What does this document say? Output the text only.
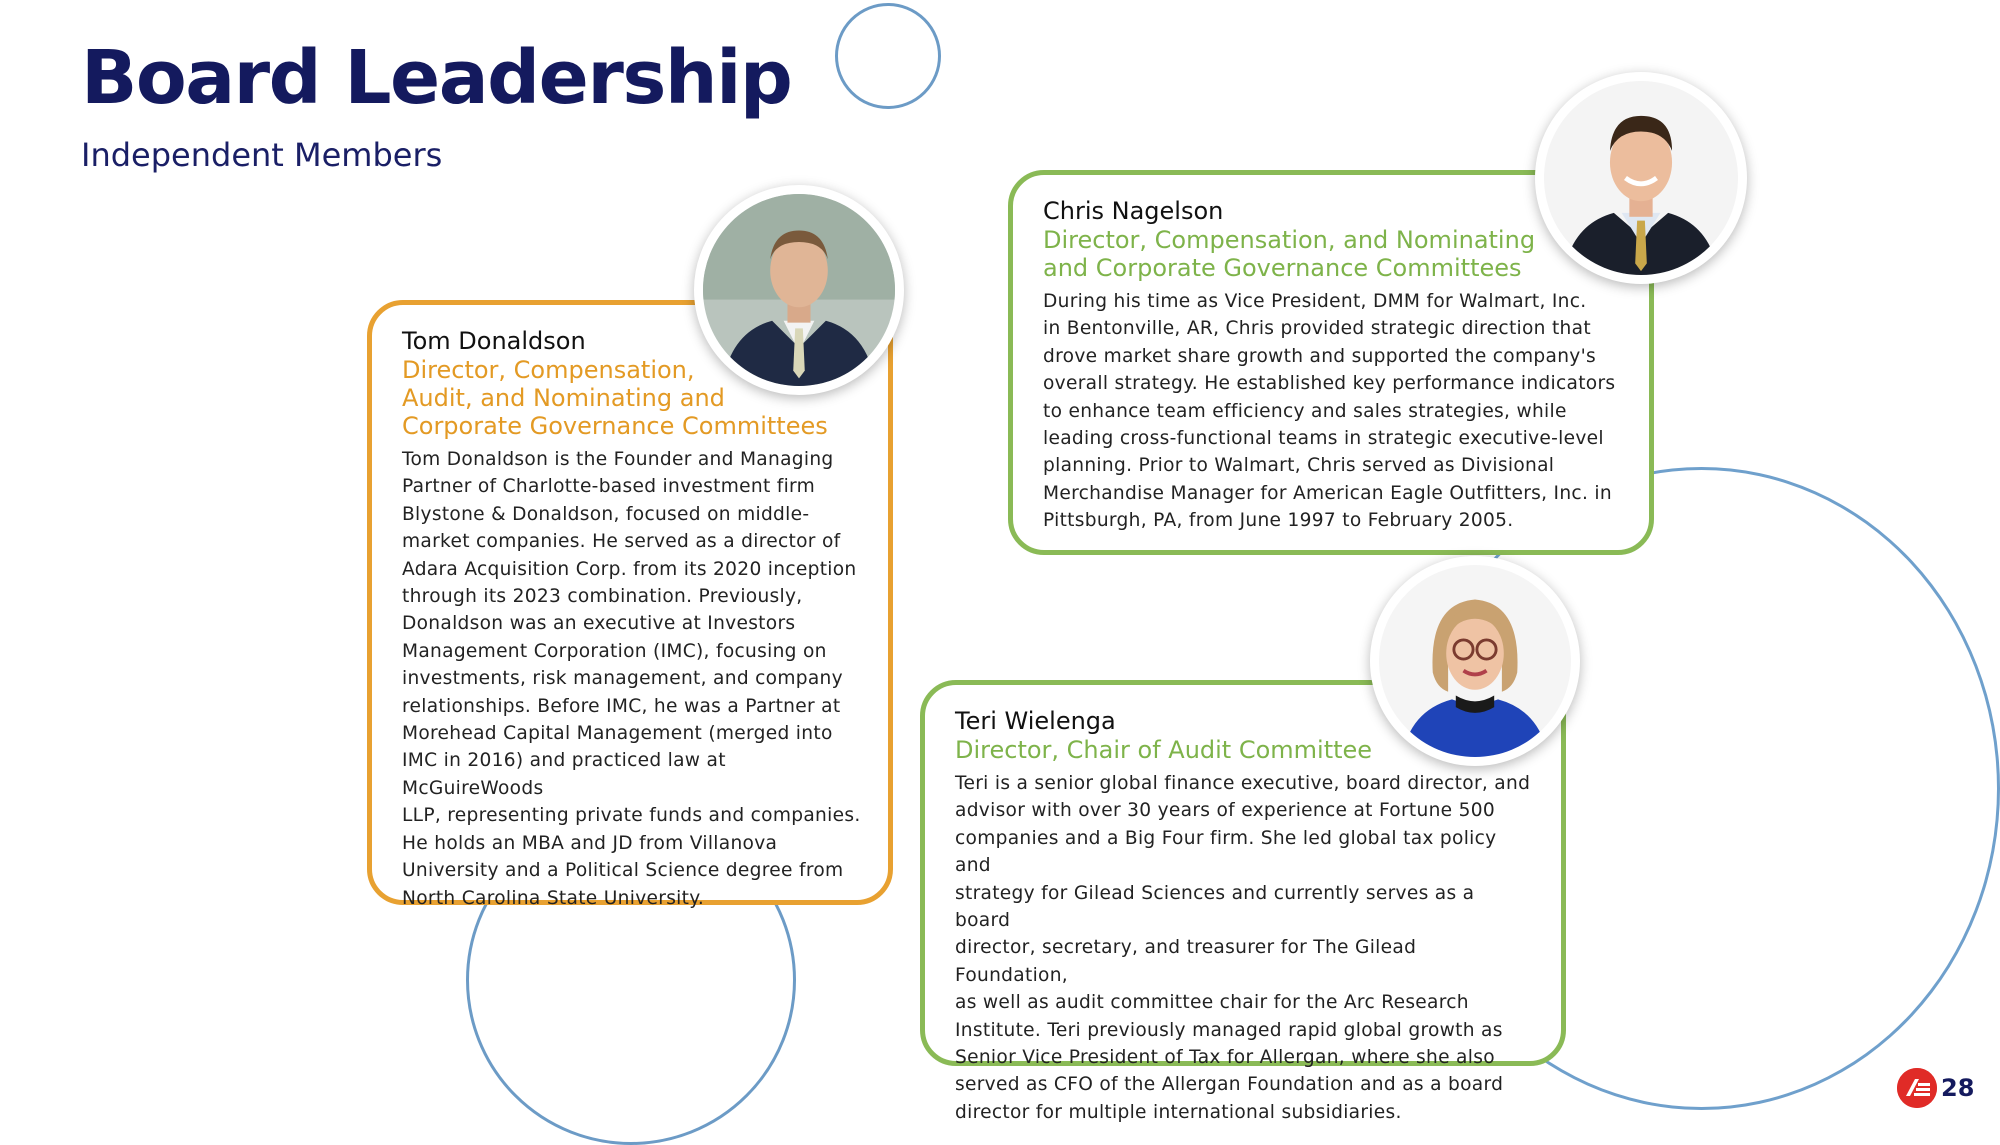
Board Leadership
Independent Members
Tom Donaldson
Director, Compensation,
Audit, and Nominating and
Corporate Governance Committees
Tom Donaldson is the Founder and Managing
Partner of Charlotte-based investment firm
Blystone & Donaldson, focused on middle-
market companies. He served as a director of
Adara Acquisition Corp. from its 2020 inception
through its 2023 combination. Previously,
Donaldson was an executive at Investors
Management Corporation (IMC), focusing on
investments, risk management, and company
relationships. Before IMC, he was a Partner at
Morehead Capital Management (merged into
IMC in 2016) and practiced law at McGuireWoods
LLP, representing private funds and companies.
He holds an MBA and JD from Villanova
University and a Political Science degree from
North Carolina State University.
Chris Nagelson
Director, Compensation, and Nominating
and Corporate Governance Committees
During his time as Vice President, DMM for Walmart, Inc.
in Bentonville, AR, Chris provided strategic direction that
drove market share growth and supported the company's
overall strategy. He established key performance indicators
to enhance team efficiency and sales strategies, while
leading cross-functional teams in strategic executive-level
planning. Prior to Walmart, Chris served as Divisional
Merchandise Manager for American Eagle Outfitters, Inc. in
Pittsburgh, PA, from June 1997 to February 2005.
Teri Wielenga
Director, Chair of Audit Committee
Teri is a senior global finance executive, board director, and
advisor with over 30 years of experience at Fortune 500
companies and a Big Four firm. She led global tax policy and
strategy for Gilead Sciences and currently serves as a board
director, secretary, and treasurer for The Gilead Foundation,
as well as audit committee chair for the Arc Research
Institute. Teri previously managed rapid global growth as
Senior Vice President of Tax for Allergan, where she also
served as CFO of the Allergan Foundation and as a board
director for multiple international subsidiaries.
28
